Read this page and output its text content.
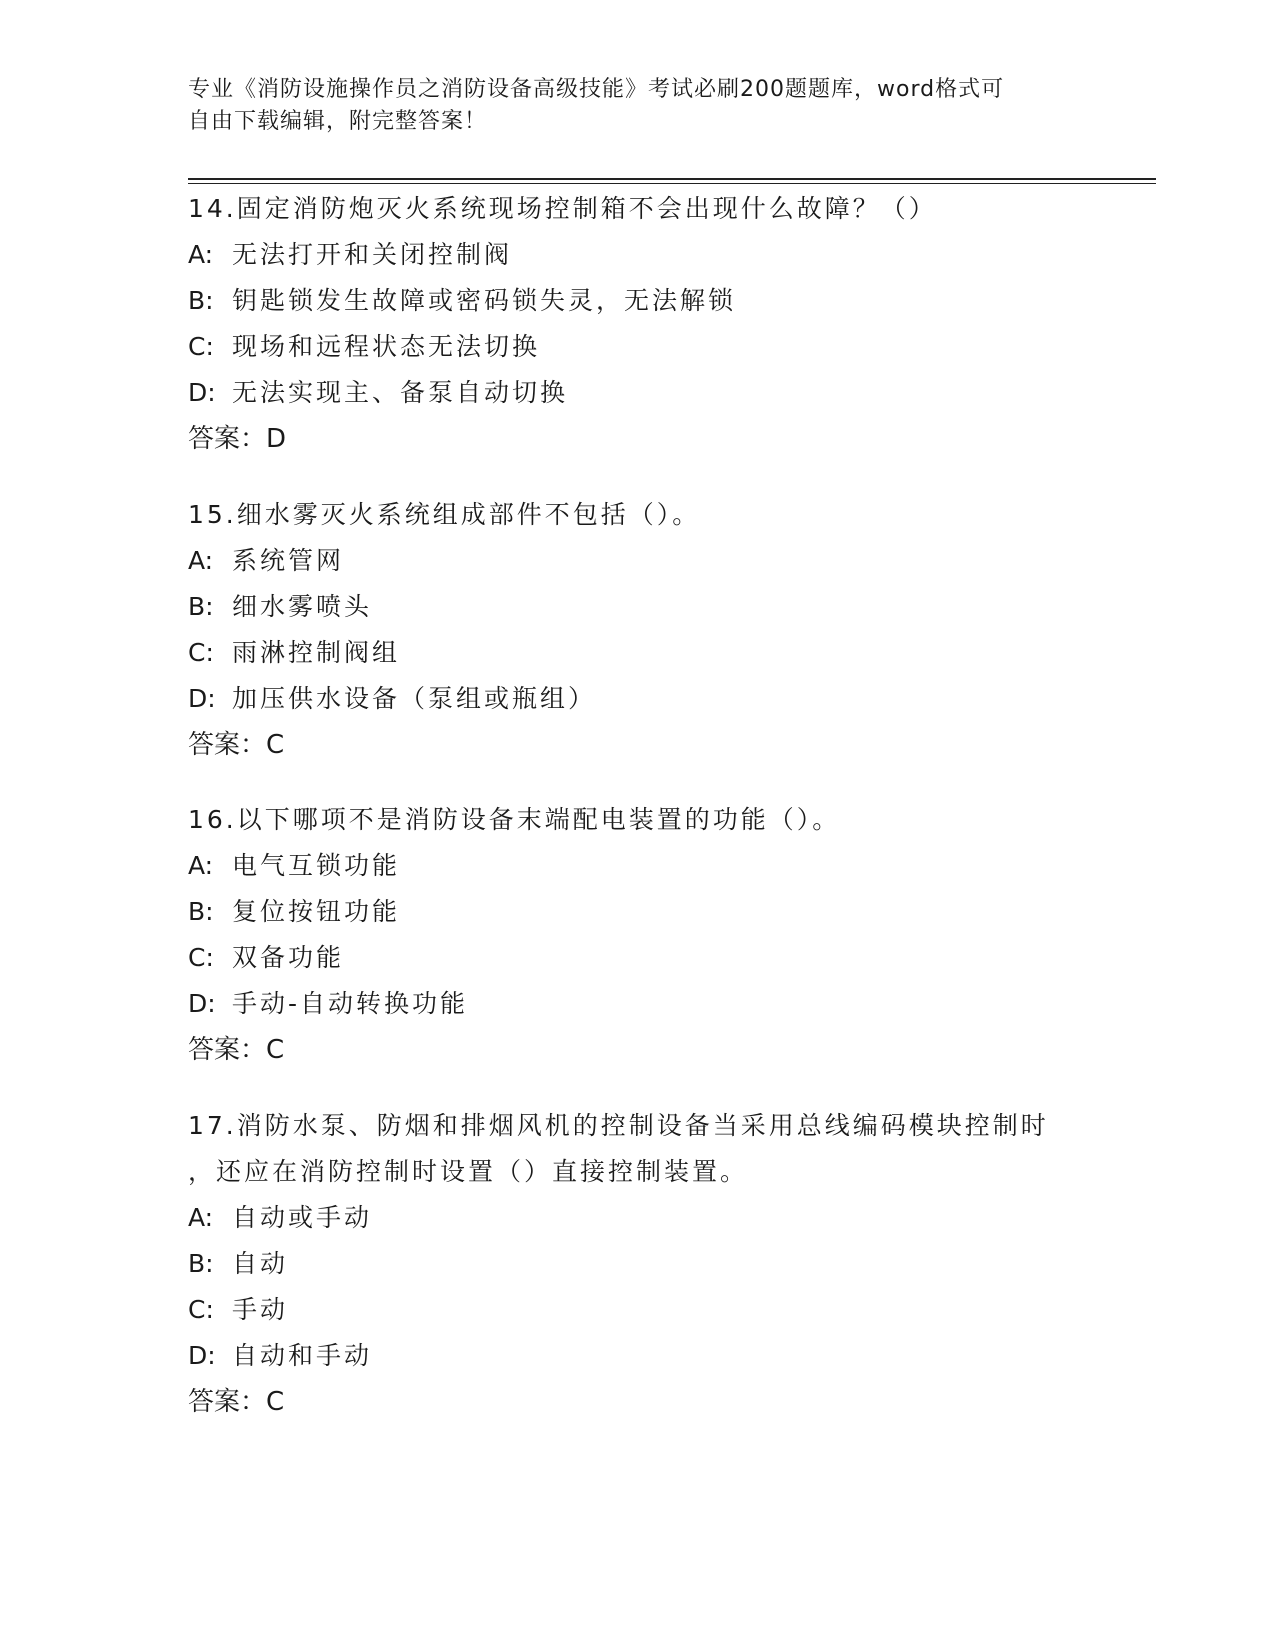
专业《消防设施操作员之消防设备高级技能》考试必刷200题题库，word格式可
自由下载编辑，附完整答案！
14.固定消防炮灭火系统现场控制箱不会出现什么故障？（）
A: 无法打开和关闭控制阀
B: 钥匙锁发生故障或密码锁失灵，无法解锁
C: 现场和远程状态无法切换
D: 无法实现主、备泵自动切换
答案：D
15.细水雾灭火系统组成部件不包括（）。
A: 系统管网
B: 细水雾喷头
C: 雨淋控制阀组
D: 加压供水设备（泵组或瓶组）
答案：C
16.以下哪项不是消防设备末端配电装置的功能（）。
A: 电气互锁功能
B: 复位按钮功能
C: 双备功能
D: 手动-自动转换功能
答案：C
17.消防水泵、防烟和排烟风机的控制设备当采用总线编码模块控制时
，还应在消防控制时设置（）直接控制装置。
A: 自动或手动
B: 自动
C: 手动
D: 自动和手动
答案：C
